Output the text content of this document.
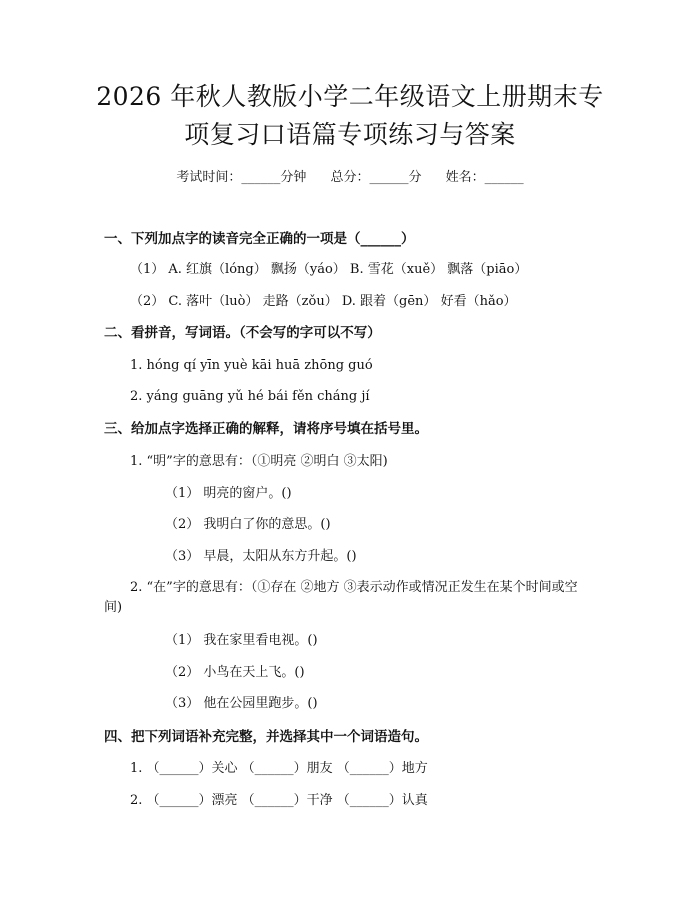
2026 年秋人教版小学二年级语文上册期末专
项复习口语篇专项练习与答案
考试时间：______分钟 总分：______分 姓名：______
一、下列加点字的读音完全正确的一项是（______）
（1） A. 红旗（lóng） 飘扬（yáo） B. 雪花（xuě） 飘落（piāo）
（2） C. 落叶（luò） 走路（zǒu） D. 跟着（gēn） 好看（hǎo）
二、看拼音，写词语。（不会写的字可以不写）
1. hóng qí yīn yuè kāi huā zhōng guó
2. yáng guāng yǔ hé bái fěn cháng jí
三、给加点字选择正确的解释，请将序号填在括号里。
1. “明”字的意思有：（①明亮 ②明白 ③太阳)
（1） 明亮的窗户。()
（2） 我明白了你的意思。()
（3） 早晨，太阳从东方升起。()
2. “在”字的意思有：（①存在 ②地方 ③表示动作或情况正发生在某个时间或空间)
（1） 我在家里看电视。()
（2） 小鸟在天上飞。()
（3） 他在公园里跑步。()
四、把下列词语补充完整，并选择其中一个词语造句。
1. （______）关心 （______）朋友 （______）地方
2. （______）漂亮 （______）干净 （______）认真
